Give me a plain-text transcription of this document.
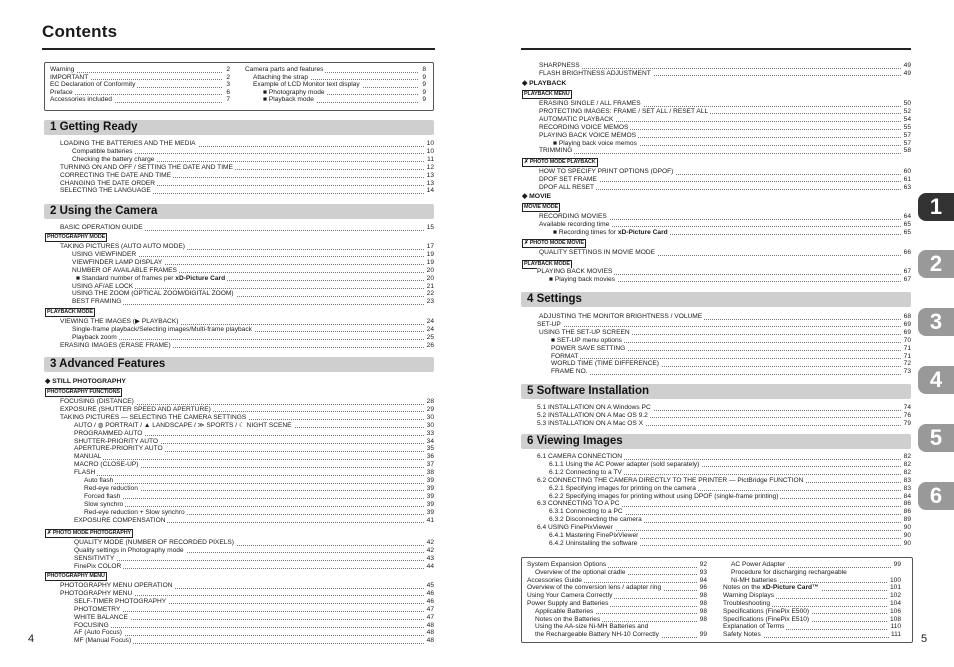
Contents
1 Getting Ready
2 Using the Camera
3 Advanced Features
4
Warning	2
IMPORTANT	2
EC Declaration of Conformity	3
Preface	6
Accessories included	7
Camera parts and features	8
Attaching the strap	9
Example of LCD Monitor text display	9
■ Photography mode	9
■ Playback mode	9
LOADING THE BATTERIES AND THE MEDIA	10
Compatible batteries	10
Checking the battery charge	11
TURNING ON AND OFF / SETTING THE DATE AND TIME	12
CORRECTING THE DATE AND TIME	13
CHANGING THE DATE ORDER	13
SELECTING THE LANGUAGE	14
BASIC OPERATION GUIDE	15
PHOTOGRAPHY MODE
TAKING PICTURES (AUTO AUTO MODE)	17
USING VIEWFINDER	19
VIEWFINDER LAMP DISPLAY	19
NUMBER OF AVAILABLE FRAMES	20
■ Standard number of frames per xD-Picture Card	20
USING AF/AE LOCK	21
USING THE ZOOM (OPTICAL ZOOM/DIGITAL ZOOM)	22
BEST FRAMING	23
PLAYBACK MODE
VIEWING THE IMAGES (▶ PLAYBACK)	24
Single-frame playback/Selecting images/Multi-frame playback	24
Playback zoom	25
ERASING IMAGES (ERASE FRAME)	26
◆ STILL PHOTOGRAPHY
PHOTOGRAPHY FUNCTIONS
FOCUSING (DISTANCE)	28
EXPOSURE (SHUTTER SPEED AND APERTURE)	29
TAKING PICTURES — SELECTING THE CAMERA SETTINGS	30
AUTO / ◍ PORTRAIT / ▲ LANDSCAPE / ≫ SPORTS / ☾ NIGHT SCENE	30
PROGRAMMED AUTO	33
SHUTTER-PRIORITY AUTO	34
APERTURE-PRIORITY AUTO	35
MANUAL	36
MACRO (CLOSE-UP)	37
FLASH	38
Auto flash	39
Red-eye reduction	39
Forced flash	39
Slow synchro	39
Red-eye reduction + Slow synchro	39
EXPOSURE COMPENSATION	41
✗ PHOTO MODE PHOTOGRAPHY
QUALITY MODE (NUMBER OF RECORDED PIXELS)	42
Quality settings in Photography mode	42
SENSITIVITY	43
FinePix COLOR	44
PHOTOGRAPHY MENU
PHOTOGRAPHY MENU OPERATION	45
PHOTOGRAPHY MENU	46
SELF-TIMER PHOTOGRAPHY	46
PHOTOMETRY	47
WHITE BALANCE	47
FOCUSING	48
AF (Auto Focus)	48
MF (Manual Focus)	48
4 Settings
5 Software Installation
6 Viewing Images
5
SHARPNESS	49
FLASH BRIGHTNESS ADJUSTMENT	49
◆ PLAYBACK
PLAYBACK MENU
ERASING SINGLE / ALL FRAMES	50
PROTECTING IMAGES: FRAME / SET ALL / RESET ALL	52
AUTOMATIC PLAYBACK	54
RECORDING VOICE MEMOS	55
PLAYING BACK VOICE MEMOS	57
■ Playing back voice memos	57
TRIMMING	58
✗ PHOTO MODE PLAYBACK
HOW TO SPECIFY PRINT OPTIONS (DPOF)	60
DPOF SET FRAME	61
DPOF ALL RESET	63
◆ MOVIE
MOVIE MODE
RECORDING MOVIES	64
Available recording time	65
■ Recording times for xD-Picture Card	65
✗ PHOTO MODE MOVIE
QUALITY SETTINGS IN MOVIE MODE	66
PLAYBACK MODE
PLAYING BACK MOVIES	67
■ Playing back movies	67
ADJUSTING THE MONITOR BRIGHTNESS / VOLUME	68
SET-UP	69
USING THE SET-UP SCREEN	69
■ SET-UP menu options	70
POWER SAVE SETTING	71
FORMAT	71
WORLD TIME (TIME DIFFERENCE)	72
FRAME NO.	73
5.1 INSTALLATION ON A Windows PC	74
5.2 INSTALLATION ON A Mac OS 9.2	76
5.3 INSTALLATION ON A Mac OS X	79
6.1 CAMERA CONNECTION	82
6.1.1 Using the AC Power adapter (sold separately)	82
6.1.2 Connecting to a TV	82
6.2 CONNECTING THE CAMERA DIRECTLY TO THE PRINTER — PictBridge FUNCTION	83
6.2.1 Specifying images for printing on the camera	83
6.2.2 Specifying images for printing without using DPOF (single-frame printing)	84
6.3 CONNECTING TO A PC	86
6.3.1 Connecting to a PC	86
6.3.2 Disconnecting the camera	89
6.4 USING FinePixViewer	90
6.4.1 Mastering FinePixViewer	90
6.4.2 Uninstalling the software	90
System Expansion Options	92
Overview of the optional cradle	93
Accessories Guide	94
Overview of the conversion lens / adapter ring	96
Using Your Camera Correctly	98
Power Supply and Batteries	98
Applicable Batteries	98
Notes on the Batteries	98
Using the AA-size Ni-MH Batteries and
the Rechargeable Battery NH-10 Correctly	99
AC Power Adapter	99
Procedure for discharging rechargeable
Ni-MH batteries	100
Notes on the xD-Picture Card™	101
Warning Displays	102
Troubleshooting	104
Specifications (FinePix E500)	106
Specifications (FinePix E510)	108
Explanation of Terms	110
Safety Notes	111
1
2
3
4
5
6
